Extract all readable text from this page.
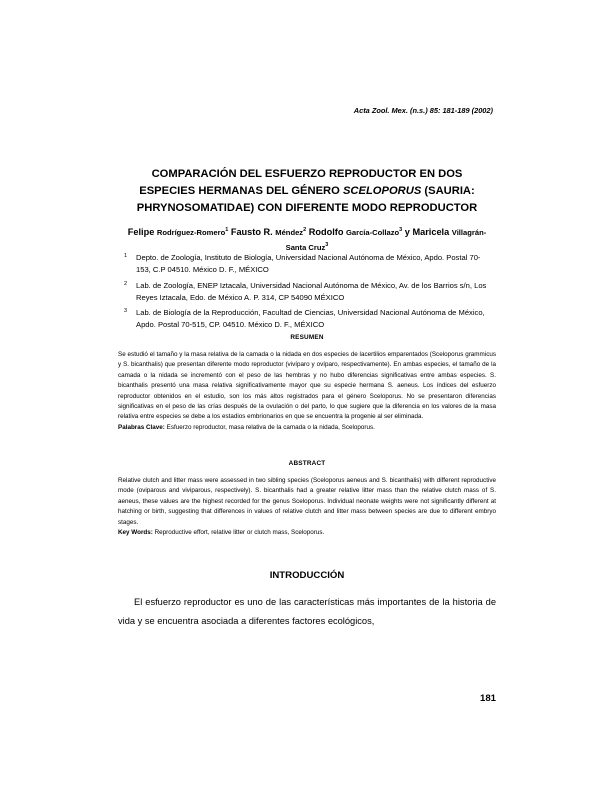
Acta Zool. Mex. (n.s.) 85: 181-189 (2002)
COMPARACIÓN DEL ESFUERZO REPRODUCTOR EN DOS
ESPECIES HERMANAS DEL GÉNERO SCELOPORUS (SAURIA:
PHRYNOSOMATIDAE) CON DIFERENTE MODO REPRODUCTOR
Felipe Rodríguez-Romero$^1$ Fausto R. Méndez$^2$ Rodolfo García-Collazo$^3$ y Maricela Villagrán-Santa Cruz$^3$
1 Depto. de Zoología, Instituto de Biología, Universidad Nacional Autónoma de México, Apdo. Postal 70-153, C.P 04510. México D. F., MÉXICO
2 Lab. de Zoología, ENEP Iztacala, Universidad Nacional Autónoma de México, Av. de los Barrios s/n, Los Reyes Iztacala, Edo. de México A. P. 314, CP 54090 MÉXICO
3 Lab. de Biología de la Reproducción, Facultad de Ciencias, Universidad Nacional Autónoma de México, Apdo. Postal 70-515, CP. 04510. México D. F., MÉXICO
RESUMEN
Se estudió el tamaño y la masa relativa de la camada o la nidada en dos especies de lacertilios emparentados (Sceloporus grammicus y S. bicanthalis) que presentan diferente modo reproductor (vivíparo y ovíparo, respectivamente). En ambas especies, el tamaño de la camada o la nidada se incrementó con el peso de las hembras y no hubo diferencias significativas entre ambas especies. S. bicanthalis presentó una masa relativa significativamente mayor que su especie hermana S. aeneus. Los índices del esfuerzo reproductor obtenidos en el estudio, son los más altos registrados para el género Sceloporus. No se presentaron diferencias significativas en el peso de las crías después de la ovulación o del parto, lo que sugiere que la diferencia en los valores de la masa relativa entre especies se debe a los estadios embrionarios en que se encuentra la progenie al ser eliminada.
Palabras Clave: Esfuerzo reproductor, masa relativa de la camada o la nidada, Sceloporus.
ABSTRACT
Relative clutch and litter mass were assessed in two sibling species (Sceloporus aeneus and S. bicanthalis) with different reproductive mode (oviparous and viviparous, respectively). S. bicanthalis had a greater relative litter mass than the relative clutch mass of S. aeneus, these values are the highest recorded for the genus Sceloporus. Individual neonate weights were not significantly different at hatching or birth, suggesting that differences in values of relative clutch and litter mass between species are due to different embryo stages.
Key Words: Reproductive effort, relative litter or clutch mass, Sceloporus.
INTRODUCCIÓN
El esfuerzo reproductor es uno de las características más importantes de la historia de vida y se encuentra asociada a diferentes factores ecológicos,
181
